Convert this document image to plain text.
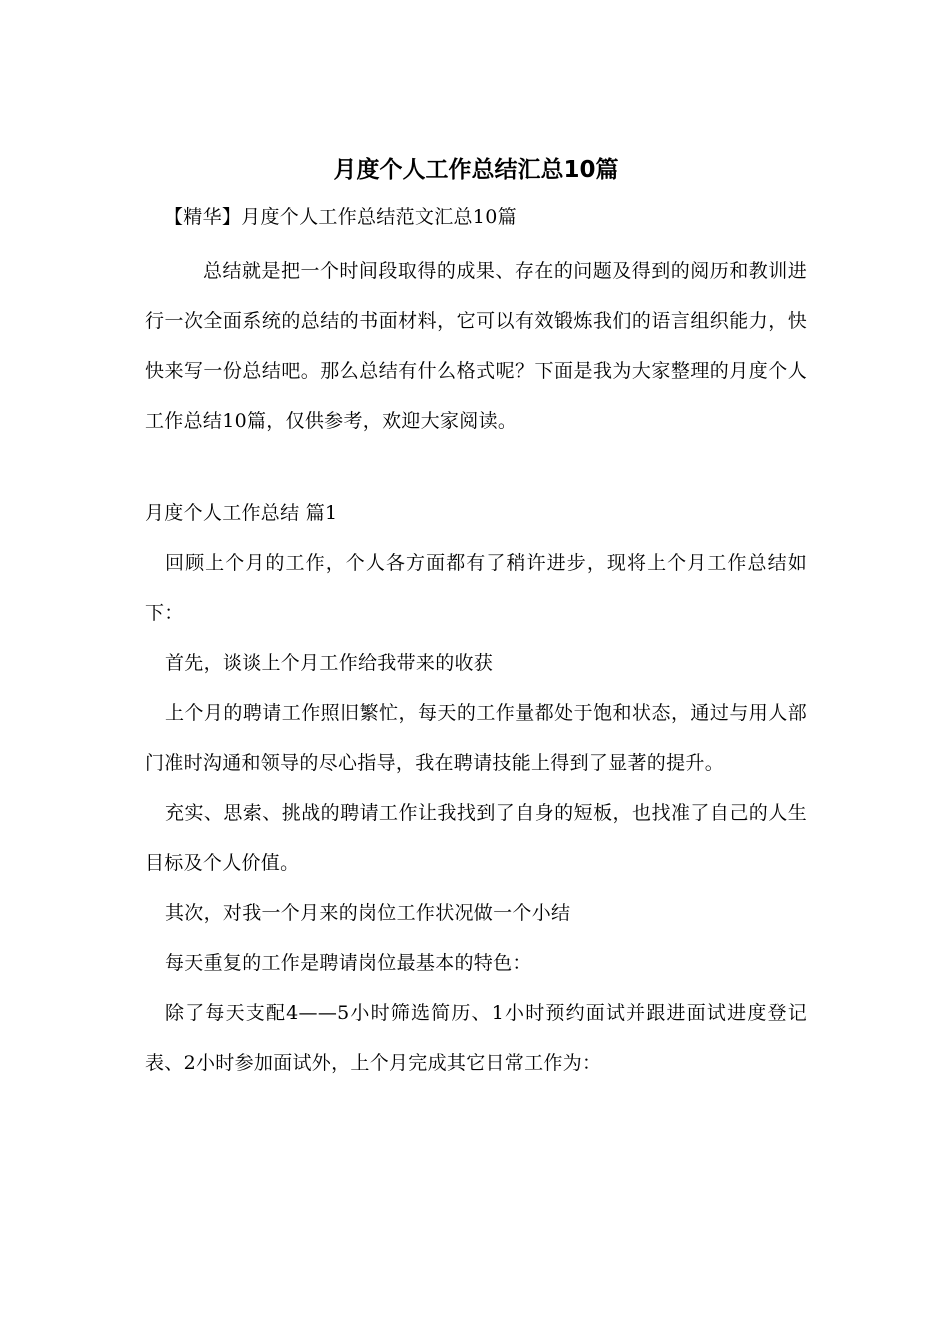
月度个人工作总结汇总10篇

【精华】月度个人工作总结范文汇总10篇

总结就是把一个时间段取得的成果、存在的问题及得到的阅历和教训进行一次全面系统的总结的书面材料，它可以有效锻炼我们的语言组织能力，快快来写一份总结吧。那么总结有什么格式呢？下面是我为大家整理的月度个人工作总结10篇，仅供参考，欢迎大家阅读。

月度个人工作总结 篇1

回顾上个月的工作，个人各方面都有了稍许进步，现将上个月工作总结如下：

首先，谈谈上个月工作给我带来的收获

上个月的聘请工作照旧繁忙，每天的工作量都处于饱和状态，通过与用人部门准时沟通和领导的尽心指导，我在聘请技能上得到了显著的提升。

充实、思索、挑战的聘请工作让我找到了自身的短板，也找准了自己的人生目标及个人价值。

其次，对我一个月来的岗位工作状况做一个小结

每天重复的工作是聘请岗位最基本的特色：

除了每天支配4——5小时筛选简历、1小时预约面试并跟进面试进度登记表、2小时参加面试外，上个月完成其它日常工作为：
